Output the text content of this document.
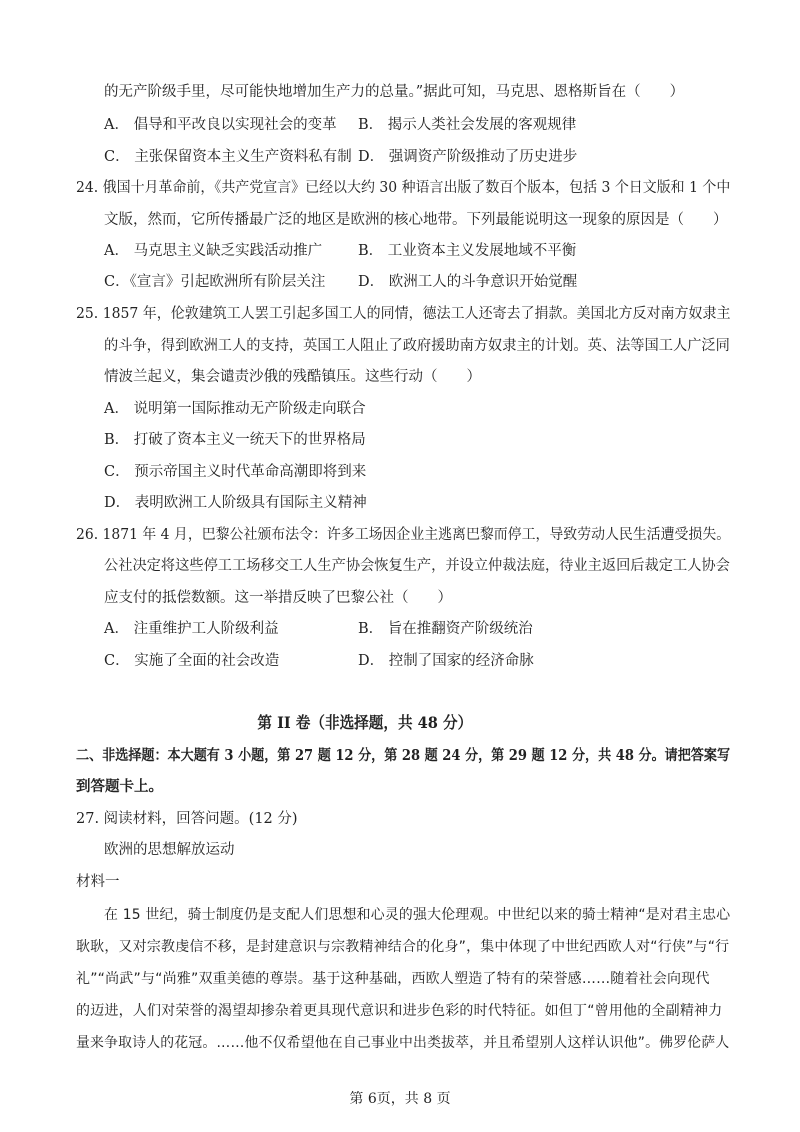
的无产阶级手里，尽可能快地增加生产力的总量。”据此可知，马克思、恩格斯旨在（　　）
A． 倡导和平改良以实现社会的变革 B． 揭示人类社会发展的客观规律
C． 主张保留资本主义生产资料私有制 D． 强调资产阶级推动了历史进步
24. 俄国十月革命前，《共产党宣言》已经以大约 30 种语言出版了数百个版本，包括 3 个日文版和 1 个中
文版，然而，它所传播最广泛的地区是欧洲的核心地带。下列最能说明这一现象的原因是（　　）
A． 马克思主义缺乏实践活动推广 B． 工业资本主义发展地域不平衡
C．《宣言》引起欧洲所有阶层关注 D． 欧洲工人的斗争意识开始觉醒
25. 1857 年，伦敦建筑工人罢工引起多国工人的同情，德法工人还寄去了捐款。美国北方反对南方奴隶主
的斗争，得到欧洲工人的支持，英国工人阻止了政府援助南方奴隶主的计划。英、法等国工人广泛同
情波兰起义，集会谴责沙俄的残酷镇压。这些行动（　　）
A． 说明第一国际推动无产阶级走向联合
B． 打破了资本主义一统天下的世界格局
C． 预示帝国主义时代革命高潮即将到来
D． 表明欧洲工人阶级具有国际主义精神
26. 1871 年 4 月，巴黎公社颁布法令：许多工场因企业主逃离巴黎而停工，导致劳动人民生活遭受损失。
公社决定将这些停工工场移交工人生产协会恢复生产，并设立仲裁法庭，待业主返回后裁定工人协会
应支付的抵偿数额。这一举措反映了巴黎公社（　　）
A． 注重维护工人阶级利益	B． 旨在推翻资产阶级统治
C． 实施了全面的社会改造	D． 控制了国家的经济命脉
第 II 卷（非选择题，共 48 分）
二、非选择题：本大题有 3 小题，第 27 题 12 分，第 28 题 24 分，第 29 题 12 分，共 48 分。请把答案写
到答题卡上。
27. 阅读材料，回答问题。(12 分)
欧洲的思想解放运动
材料一
在 15 世纪，骑士制度仍是支配人们思想和心灵的强大伦理观。中世纪以来的骑士精神“是对君主忠心
耿耿，又对宗教虔信不移，是封建意识与宗教精神结合的化身”，集中体现了中世纪西欧人对“行侠”与“行
礼”“尚武”与“尚雅”双重美德的尊崇。基于这种基础，西欧人塑造了特有的荣誉感……随着社会向现代
的迈进，人们对荣誉的渴望却掺杂着更具现代意识和进步色彩的时代特征。如但丁“曾用他的全副精神力
量来争取诗人的花冠。……他不仅希望他在自己事业中出类拔萃，并且希望别人这样认识他”。佛罗伦萨人
第 6页，共 8 页
